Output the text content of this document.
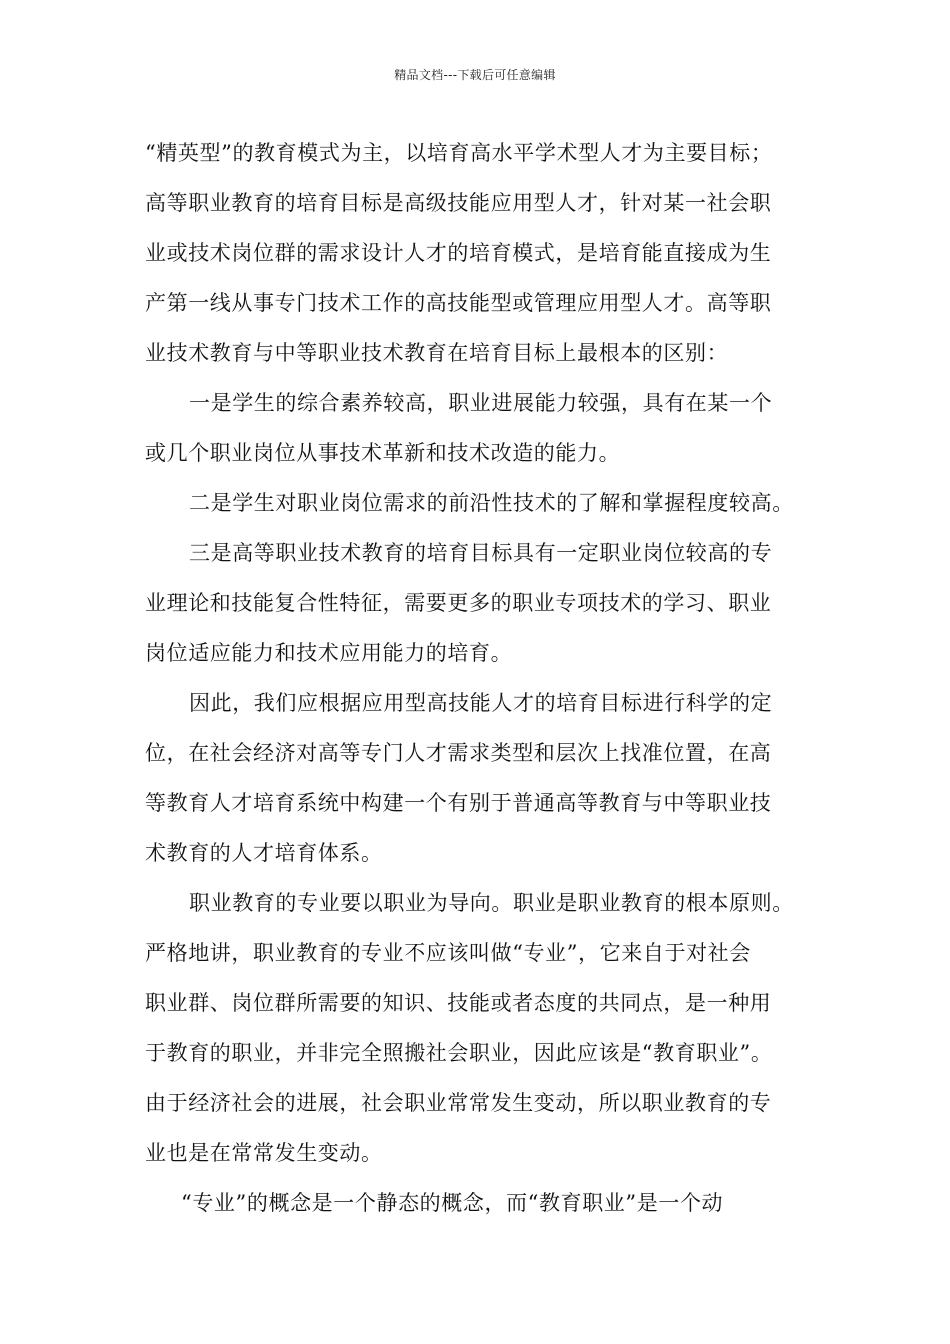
精品文档---下载后可任意编辑
“精英型”的教育模式为主，以培育高水平学术型人才为主要目标；
高等职业教育的培育目标是高级技能应用型人才，针对某一社会职
业或技术岗位群的需求设计人才的培育模式，是培育能直接成为生
产第一线从事专门技术工作的高技能型或管理应用型人才。高等职
业技术教育与中等职业技术教育在培育目标上最根本的区别：
一是学生的综合素养较高，职业进展能力较强，具有在某一个
或几个职业岗位从事技术革新和技术改造的能力。
二是学生对职业岗位需求的前沿性技术的了解和掌握程度较高。
三是高等职业技术教育的培育目标具有一定职业岗位较高的专
业理论和技能复合性特征，需要更多的职业专项技术的学习、职业
岗位适应能力和技术应用能力的培育。
因此，我们应根据应用型高技能人才的培育目标进行科学的定
位，在社会经济对高等专门人才需求类型和层次上找准位置，在高
等教育人才培育系统中构建一个有别于普通高等教育与中等职业技
术教育的人才培育体系。
职业教育的专业要以职业为导向。职业是职业教育的根本原则。
严格地讲，职业教育的专业不应该叫做“专业”，它来自于对社会
职业群、岗位群所需要的知识、技能或者态度的共同点，是一种用
于教育的职业，并非完全照搬社会职业，因此应该是“教育职业”。
由于经济社会的进展，社会职业常常发生变动，所以职业教育的专
业也是在常常发生变动。
“专业”的概念是一个静态的概念，而“教育职业”是一个动
